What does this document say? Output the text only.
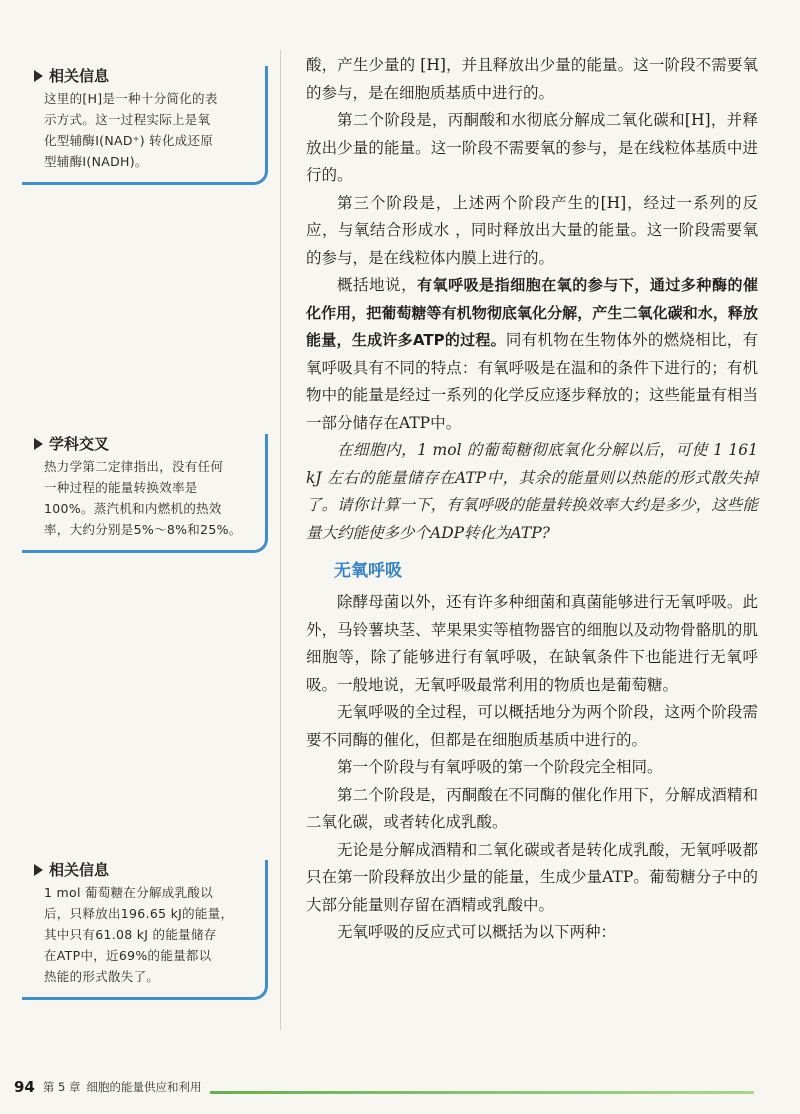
相关信息
这里的[H]是一种十分简化的表
示方式。这一过程实际上是氧
化型辅酶Ⅰ(NAD⁺) 转化成还原
型辅酶Ⅰ(NADH)。
学科交叉
热力学第二定律指出，没有任何
一种过程的能量转换效率是
100%。蒸汽机和内燃机的热效
率，大约分别是5%～8%和25%。
相关信息
1 mol 葡萄糖在分解成乳酸以
后，只释放出196.65 kJ的能量，
其中只有61.08 kJ 的能量储存
在ATP中，近69%的能量都以
热能的形式散失了。

酸，产生少量的 [H]，并且释放出少量的能量。这一阶段不需要氧的参与，是在细胞质基质中进行的。

第二个阶段是，丙酮酸和水彻底分解成二氧化碳和[H]，并释放出少量的能量。这一阶段不需要氧的参与，是在线粒体基质中进行的。

第三个阶段是，上述两个阶段产生的[H]，经过一系列的反应，与氧结合形成水 ，同时释放出大量的能量。这一阶段需要氧的参与，是在线粒体内膜上进行的。

概括地说，有氧呼吸是指细胞在氧的参与下，通过多种酶的催化作用，把葡萄糖等有机物彻底氧化分解，产生二氧化碳和水，释放能量，生成许多ATP的过程。同有机物在生物体外的燃烧相比，有氧呼吸具有不同的特点：有氧呼吸是在温和的条件下进行的；有机物中的能量是经过一系列的化学反应逐步释放的；这些能量有相当一部分储存在ATP中。

在细胞内，1 mol 的葡萄糖彻底氧化分解以后，可使 1 161 kJ 左右的能量储存在ATP中，其余的能量则以热能的形式散失掉了。请你计算一下，有氧呼吸的能量转换效率大约是多少，这些能量大约能使多少个ADP转化为ATP?

无氧呼吸

除酵母菌以外，还有许多种细菌和真菌能够进行无氧呼吸。此外，马铃薯块茎、苹果果实等植物器官的细胞以及动物骨骼肌的肌细胞等，除了能够进行有氧呼吸，在缺氧条件下也能进行无氧呼吸。一般地说，无氧呼吸最常利用的物质也是葡萄糖。

无氧呼吸的全过程，可以概括地分为两个阶段，这两个阶段需要不同酶的催化，但都是在细胞质基质中进行的。

第一个阶段与有氧呼吸的第一个阶段完全相同。

第二个阶段是，丙酮酸在不同酶的催化作用下，分解成酒精和二氧化碳，或者转化成乳酸。

无论是分解成酒精和二氧化碳或者是转化成乳酸，无氧呼吸都只在第一阶段释放出少量的能量，生成少量ATP。葡萄糖分子中的大部分能量则存留在酒精或乳酸中。

无氧呼吸的反应式可以概括为以下两种：

94 第 5 章 细胞的能量供应和利用
